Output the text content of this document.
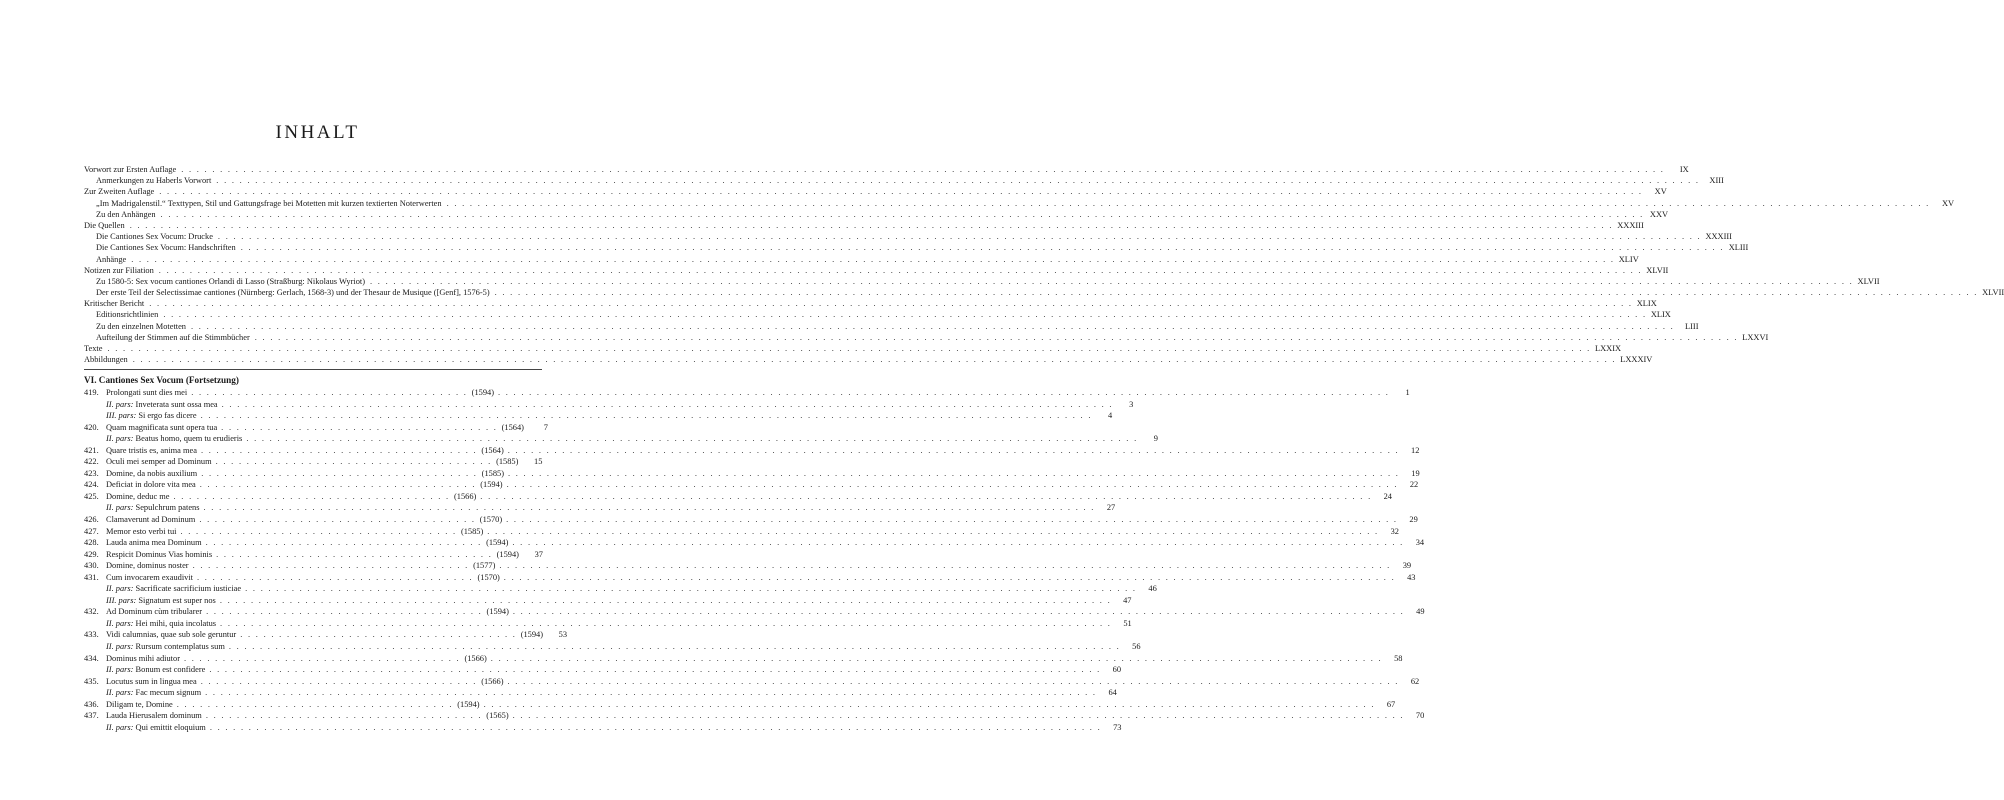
INHALT
Vorwort zur Ersten Auflage . . .	IX
Anmerkungen zu Haberls Vorwort . . .	XIII
Zur Zweiten Auflage . . .	XV
„Im Madrigalenstil.“ Texttypen, Stil und Gattungsfrage bei Motetten mit kurzen textierten Noterwerten . . .	XV
Zu den Anhängen . . .	XXV
Die Quellen . . .	XXXIII
Die Cantiones Sex Vocum: Drucke . . .	XXXIII
Die Cantiones Sex Vocum: Handschriften . . .	XLIII
Anhänge . . .	XLIV
Notizen zur Filiation . . .	XLVII
Zu 1580-5: Sex vocum cantiones Orlandi di Lasso (Straßburg: Nikolaus Wyriot) . . .	XLVII
Der erste Teil der Selectissimae cantiones (Nürnberg: Gerlach, 1568-3) und der Thesaur de Musique ([Genf], 1576-5) . . .	XLVII
Kritischer Bericht . . .	XLIX
Editionsrichtlinien . . .	XLIX
Zu den einzelnen Motetten . . .	LIII
Aufteilung der Stimmen auf die Stimmbücher . . .	LXXVI
Texte . . .	LXXIX
Abbildungen . . .	LXXXIV
VI. Cantiones Sex Vocum (Fortsetzung)
419. Prolongati sunt dies mei . . .	(1594) . . .	1
II. pars: Inveterata sunt ossa mea . . .	3
III. pars: Si ergo fas dicere . . .	4
420. Quam magnificata sunt opera tua . . .	(1564)	7
II. pars: Beatus homo, quem tu erudieris . . .	9
421. Quare tristis es, anima mea . . .	(1564) . . .	12
422. Oculi mei semper ad Dominum . . .	(1585)	15
423. Domine, da nobis auxilium . . .	(1585) . . .	19
424. Deficiat in dolore vita mea . . .	(1594) . . .	22
425. Domine, deduc me . . .	(1566) . . .	24
II. pars: Sepulchrum patens . . .	27
426. Clamaverunt ad Dominum . . .	(1570) . . .	29
427. Memor esto verbi tui . . .	(1585) . . .	32
428. Lauda anima mea Dominum . . .	(1594) . . .	34
429. Respicit Dominus Vias hominis . . .	(1594)	37
430. Domine, dominus noster . . .	(1577) . . .	39
431. Cum invocarem exaudivit . . .	(1570) . . .	43
II. pars: Sacrificate sacrificium iusticiae . . .	46
III. pars: Signatum est super nos . . .	47
432. Ad Dominum cùm tribularer . . .	(1594) . . .	49
II. pars: Hei mihi, quia incolatus . . .	51
433. Vidi calumnias, quae sub sole geruntur . . .	(1594)	53
II. pars: Rursum contemplatus sum . . .	56
434. Dominus mihi adiutor . . .	(1566) . . .	58
II. pars: Bonum est confidere . . .	60
435. Locutus sum in lingua mea . . .	(1566) . . .	62
II. pars: Fac mecum signum . . .	64
436. Diligam te, Domine . . .	(1594) . . .	67
437. Lauda Hierusalem dominum . . .	(1565) . . .	70
II. pars: Qui emittit eloquium . . .	73
